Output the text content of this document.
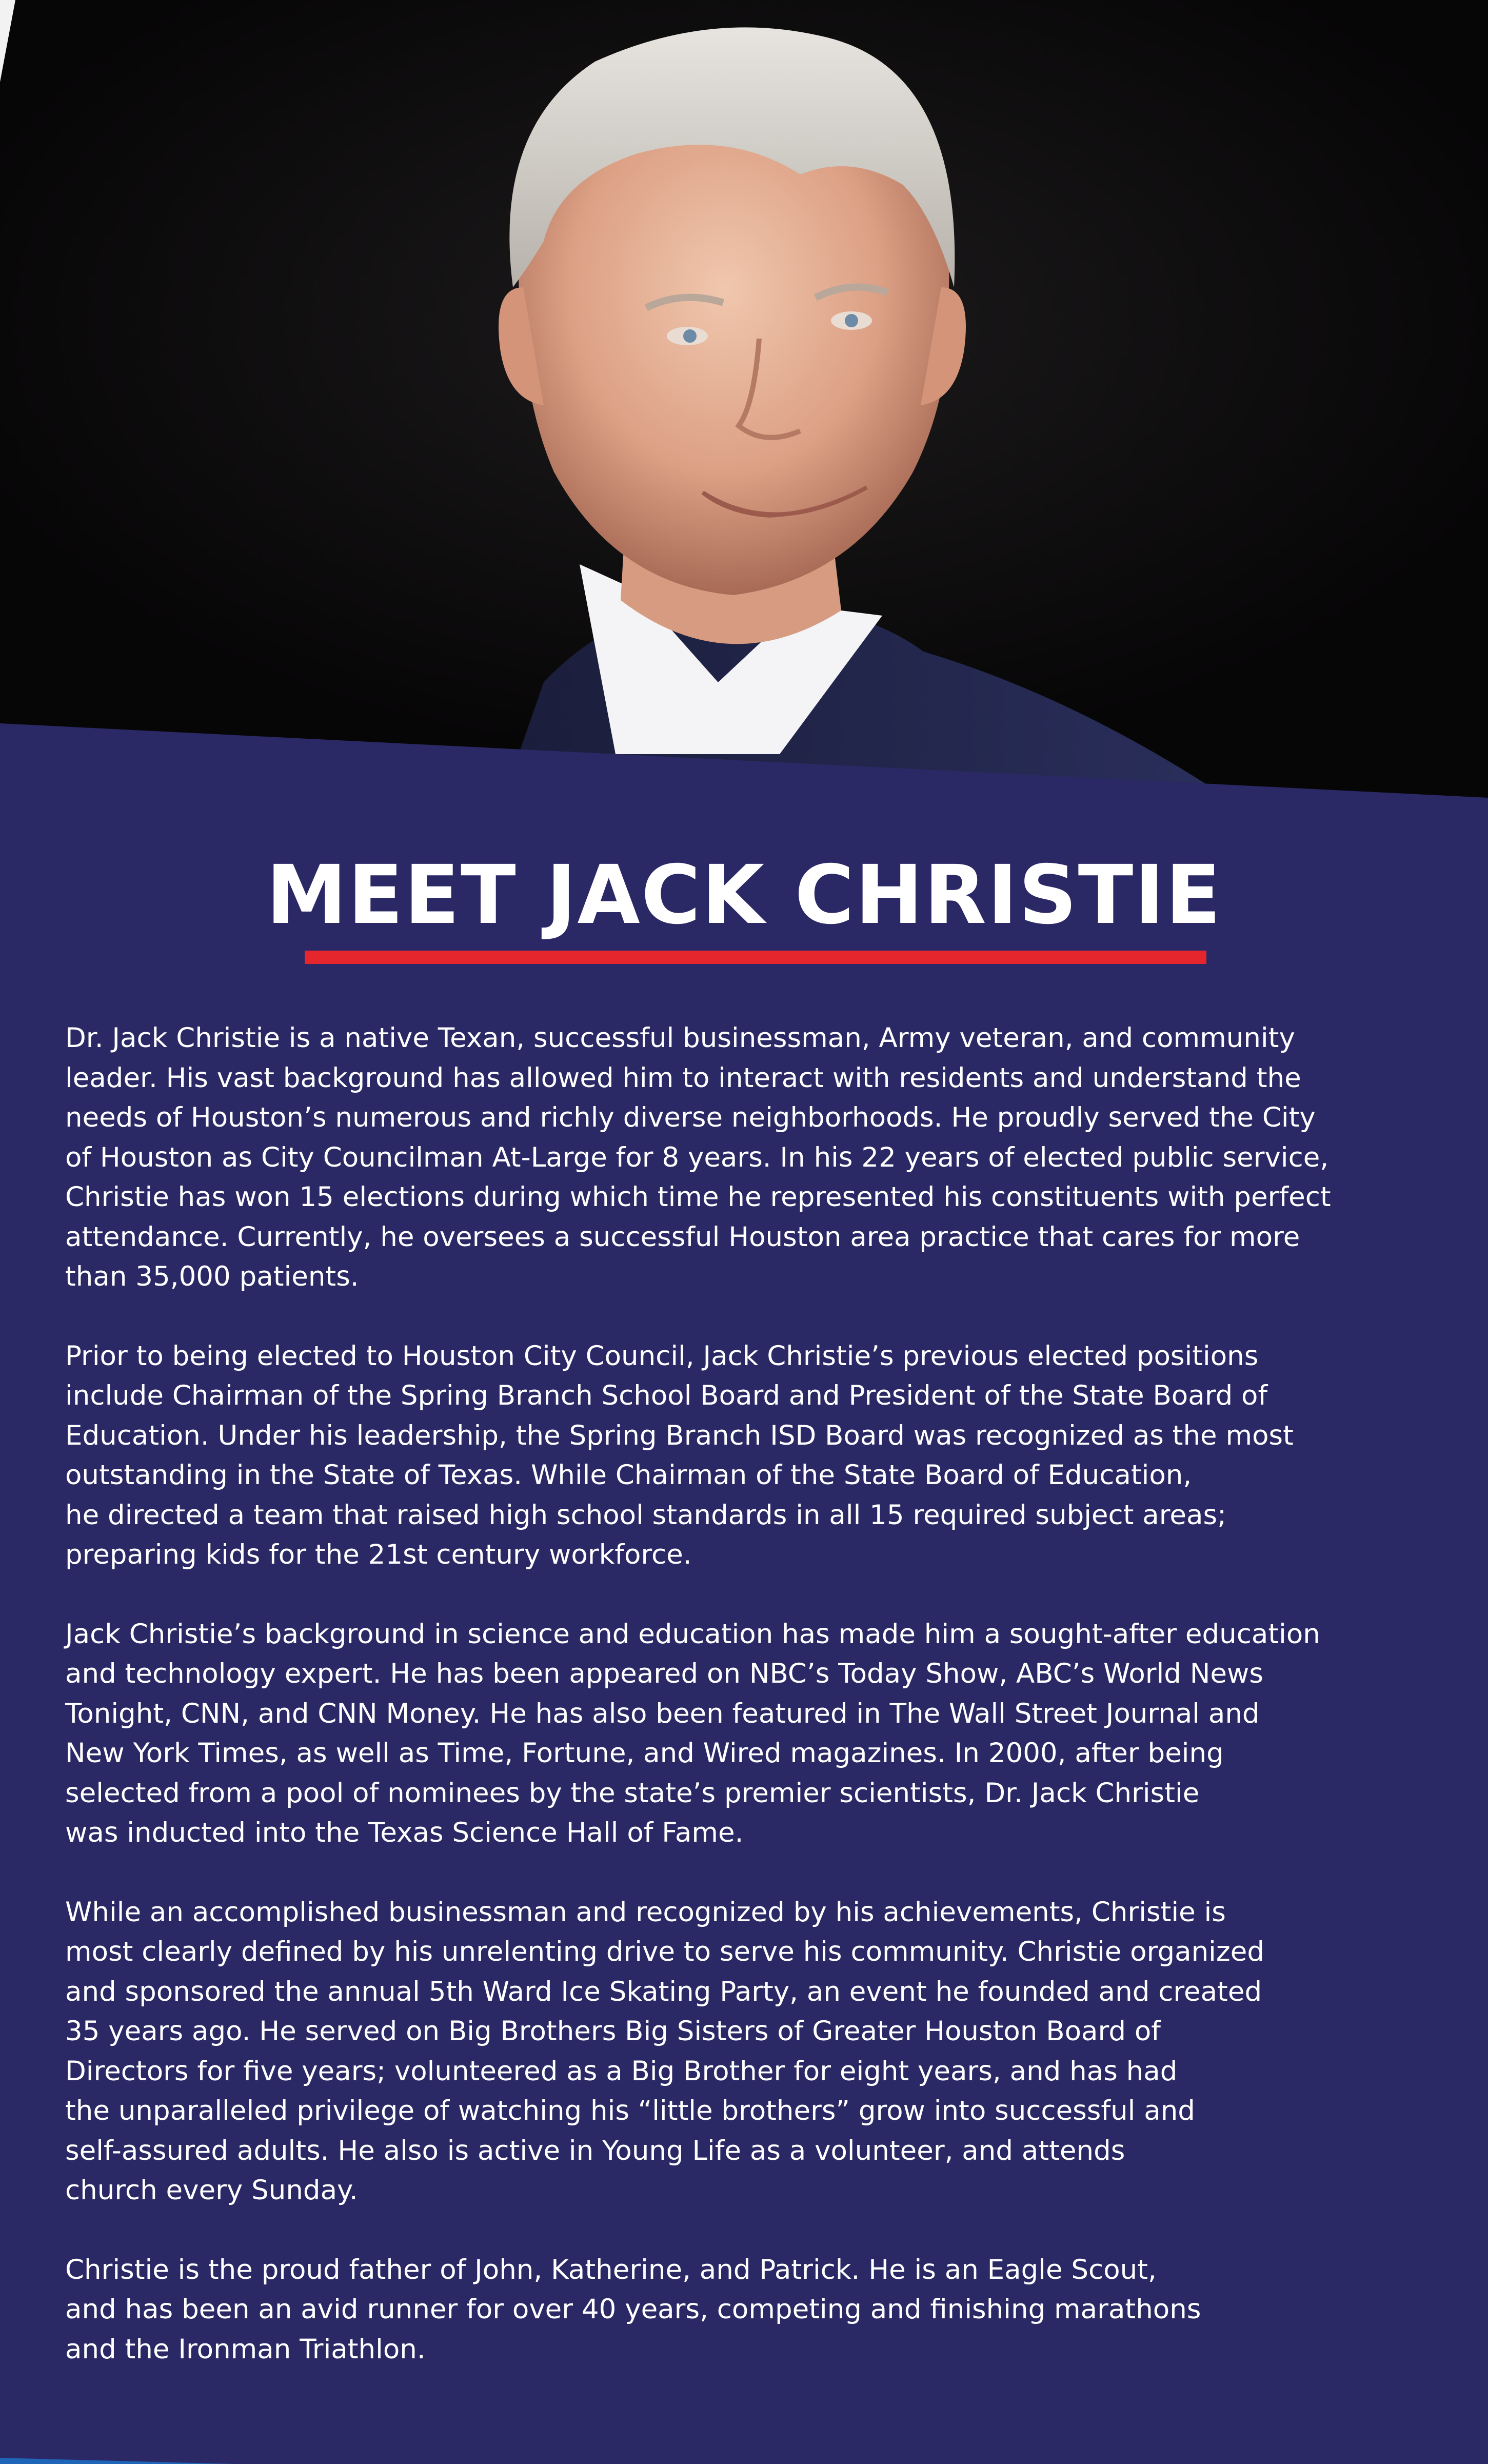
MEET JACK CHRISTIE

Dr. Jack Christie is a native Texan, successful businessman, Army veteran, and community
leader. His vast background has allowed him to interact with residents and understand the
needs of Houston’s numerous and richly diverse neighborhoods. He proudly served the City
of Houston as City Councilman At-Large for 8 years. In his 22 years of elected public service,
Christie has won 15 elections during which time he represented his constituents with perfect
attendance. Currently, he oversees a successful Houston area practice that cares for more
than 35,000 patients.

Prior to being elected to Houston City Council, Jack Christie’s previous elected positions
include Chairman of the Spring Branch School Board and President of the State Board of
Education. Under his leadership, the Spring Branch ISD Board was recognized as the most
outstanding in the State of Texas. While Chairman of the State Board of Education,
he directed a team that raised high school standards in all 15 required subject areas;
preparing kids for the 21st century workforce.

Jack Christie’s background in science and education has made him a sought-after education
and technology expert. He has been appeared on NBC’s Today Show, ABC’s World News
Tonight, CNN, and CNN Money. He has also been featured in The Wall Street Journal and
New York Times, as well as Time, Fortune, and Wired magazines. In 2000, after being
selected from a pool of nominees by the state’s premier scientists, Dr. Jack Christie
was inducted into the Texas Science Hall of Fame.

While an accomplished businessman and recognized by his achievements, Christie is
most clearly defined by his unrelenting drive to serve his community. Christie organized
and sponsored the annual 5th Ward Ice Skating Party, an event he founded and created
35 years ago. He served on Big Brothers Big Sisters of Greater Houston Board of
Directors for five years; volunteered as a Big Brother for eight years, and has had
the unparalleled privilege of watching his “little brothers” grow into successful and
self-assured adults. He also is active in Young Life as a volunteer, and attends
church every Sunday.

Christie is the proud father of John, Katherine, and Patrick. He is an Eagle Scout,
and has been an avid runner for over 40 years, competing and finishing marathons
and the Ironman Triathlon.
